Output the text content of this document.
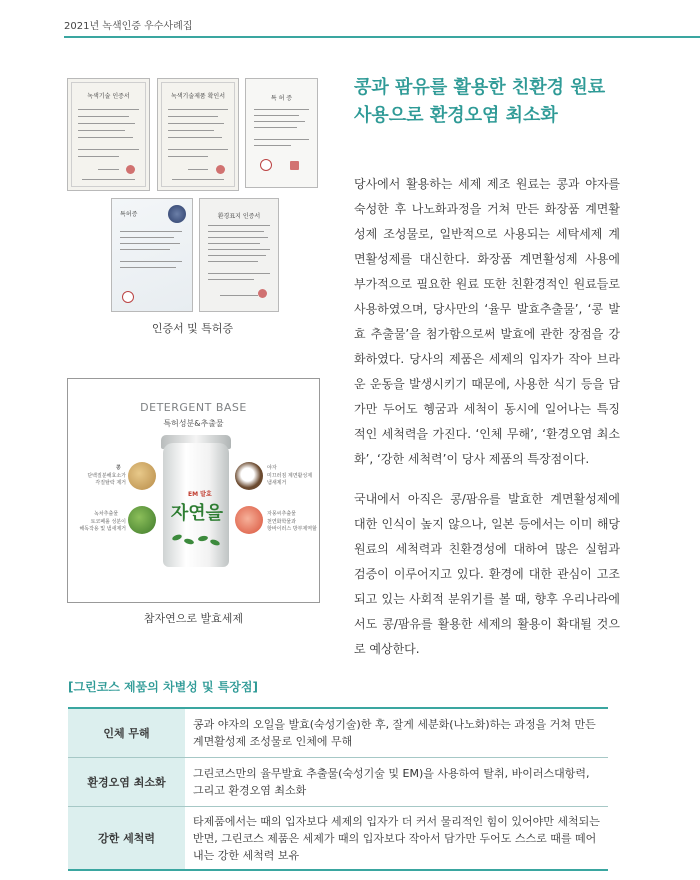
2021년 녹색인증 우수사례집
녹색기술 인증서	녹색기술제품 확인서	특 허 증
특허증	환경표지 인증서
인증서 및 특허증
DETERGENT BASE
특허성분&추출물
콩
단백질분해효소가
각질탈락 제거
녹차추출물
토코페롤 성분이
해독작용 및 냄새제거
야자
미끄러짐 계면활성제
냄새제거
자몽씨추출물
천연화학물과
항바이러스 방부제역할
EM 발효
자연을
참자연으로 발효세제
콩과 팜유를 활용한 친환경 원료
사용으로 환경오염 최소화
당사에서 활용하는 세제 제조 원료는 콩과 야자를 숙성한 후 나노화과정을 거쳐 만든 화장품 계면활성제 조성물로, 일반적으로 사용되는 세탁세제 계면활성제를 대신한다. 화장품 계면활성제 사용에 부가적으로 필요한 원료 또한 친환경적인 원료들로 사용하였으며, 당사만의 ‘율무 발효추출물’, ‘콩 발효 추출물’을 첨가함으로써 발효에 관한 장점을 강화하였다. 당사의 제품은 세제의 입자가 작아 브라운 운동을 발생시키기 때문에, 사용한 식기 등을 담가만 두어도 헹굼과 세척이 동시에 일어나는 특징적인 세척력을 가진다. ‘인체 무해’, ‘환경오염 최소화’, ‘강한 세척력’이 당사 제품의 특장점이다.
국내에서 아직은 콩/팜유를 발효한 계면활성제에 대한 인식이 높지 않으나, 일본 등에서는 이미 해당 원료의 세척력과 친환경성에 대하여 많은 실험과 검증이 이루어지고 있다. 환경에 대한 관심이 고조되고 있는 사회적 분위기를 볼 때, 향후 우리나라에서도 콩/팜유를 활용한 세제의 활용이 확대될 것으로 예상한다.
[그린코스 제품의 차별성 및 특장점]
인체 무해	콩과 야자의 오일을 발효(숙성기술)한 후, 잘게 세분화(나노화)하는 과정을 거쳐 만든 계면활성제 조성물로 인체에 무해
환경오염 최소화	그린코스만의 율무발효 추출물(숙성기술 및 EM)을 사용하여 탈취, 바이러스대항력, 그리고 환경오염 최소화
강한 세척력	타제품에서는 때의 입자보다 세제의 입자가 더 커서 물리적인 힘이 있어야만 세척되는 반면, 그린코스 제품은 세제가 때의 입자보다 작아서 담가만 두어도 스스로 때를 떼어내는 강한 세척력 보유
